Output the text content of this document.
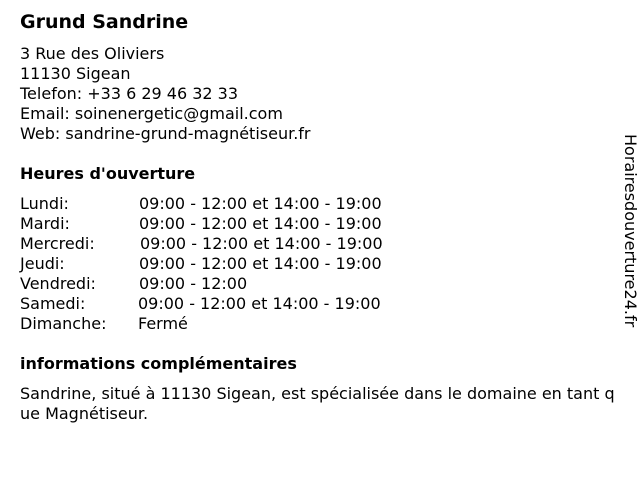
Grund Sandrine
3 Rue des Oliviers
11130 Sigean
Telefon: +33 6 29 46 32 33
Email: soinenergetic@gmail.com
Web: sandrine-grund-magnétiseur.fr
Heures d'ouverture
Lundi:	09:00 - 12:00 et 14:00 - 19:00
Mardi:	09:00 - 12:00 et 14:00 - 19:00
Mercredi:	09:00 - 12:00 et 14:00 - 19:00
Jeudi:	09:00 - 12:00 et 14:00 - 19:00
Vendredi:	09:00 - 12:00
Samedi:	09:00 - 12:00 et 14:00 - 19:00
Dimanche: Fermé
informations complémentaires
Sandrine, situé à 11130 Sigean, est spécialisée dans le domaine en tant que Magnétiseur.
Horairesdouverture24.fr
